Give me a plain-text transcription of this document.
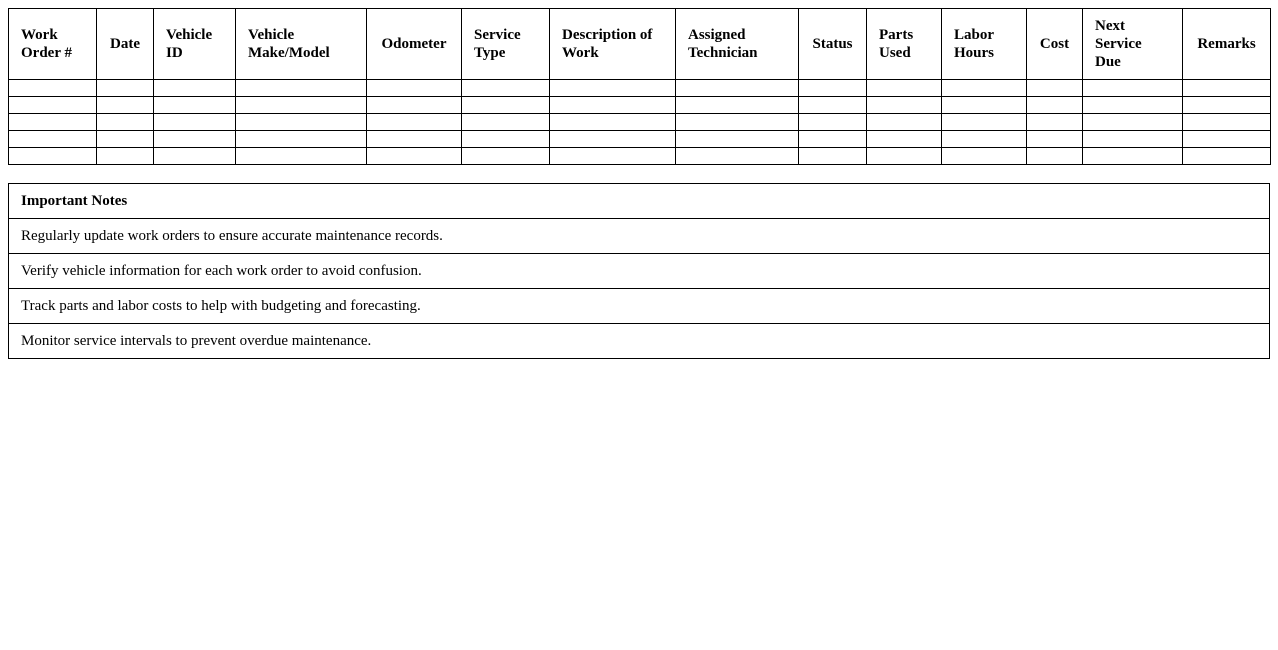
Work Order #	Date	Vehicle ID	Vehicle Make/Model	Odometer	Service Type	Description of Work	Assigned Technician	Status	Parts Used	Labor Hours	Cost	Next Service Due	Remarks

Important Notes
Regularly update work orders to ensure accurate maintenance records.
Verify vehicle information for each work order to avoid confusion.
Track parts and labor costs to help with budgeting and forecasting.
Monitor service intervals to prevent overdue maintenance.
